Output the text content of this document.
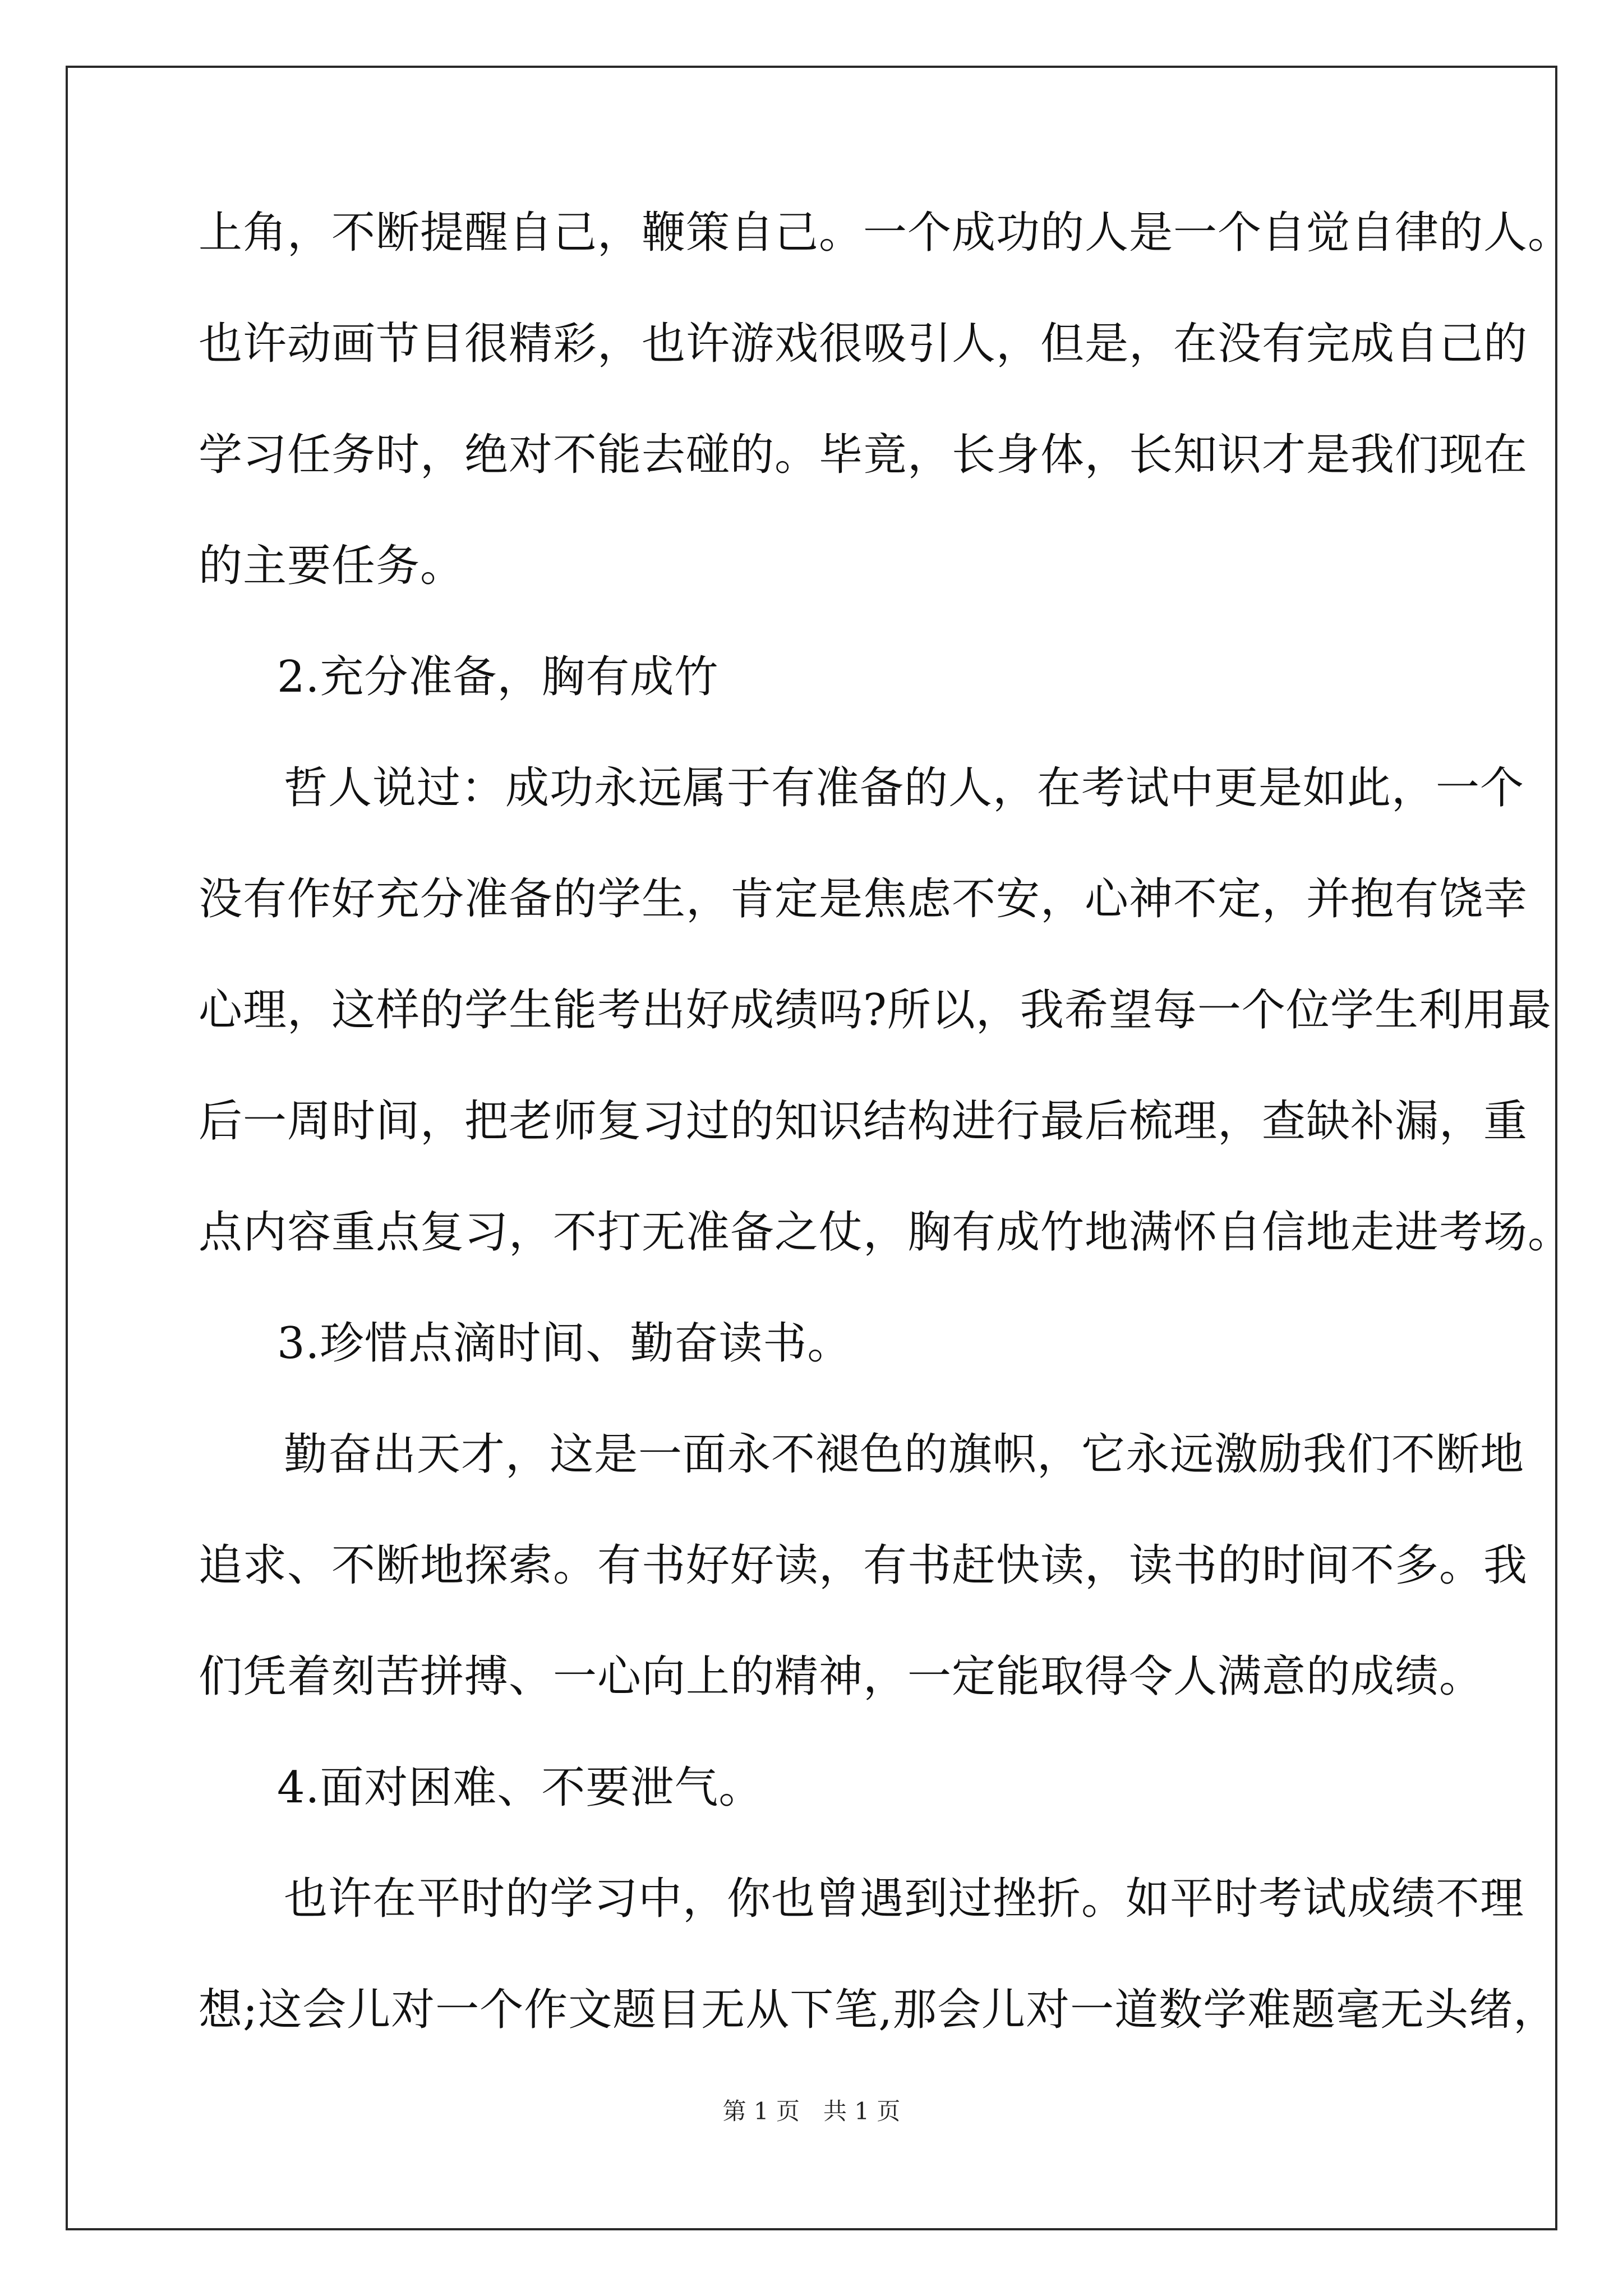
上角，不断提醒自己，鞭策自己。一个成功的人是一个自觉自律的人。
也许动画节目很精彩，也许游戏很吸引人，但是，在没有完成自己的
学习任务时，绝对不能去碰的。毕竟，长身体，长知识才是我们现在
的主要任务。
2.充分准备，胸有成竹
哲人说过：成功永远属于有准备的人，在考试中更是如此，一个
没有作好充分准备的学生，肯定是焦虑不安，心神不定，并抱有饶幸
心理，这样的学生能考出好成绩吗?所以，我希望每一个位学生利用最
后一周时间，把老师复习过的知识结构进行最后梳理，查缺补漏，重
点内容重点复习，不打无准备之仗，胸有成竹地满怀自信地走进考场。
3.珍惜点滴时间、勤奋读书。
勤奋出天才，这是一面永不褪色的旗帜，它永远激励我们不断地
追求、不断地探索。有书好好读，有书赶快读，读书的时间不多。我
们凭着刻苦拼搏、一心向上的精神，一定能取得令人满意的成绩。
4.面对困难、不要泄气。
也许在平时的学习中，你也曾遇到过挫折。如平时考试成绩不理
想;这会儿对一个作文题目无从下笔,那会儿对一道数学难题毫无头绪，
第 1 页　共 1 页
